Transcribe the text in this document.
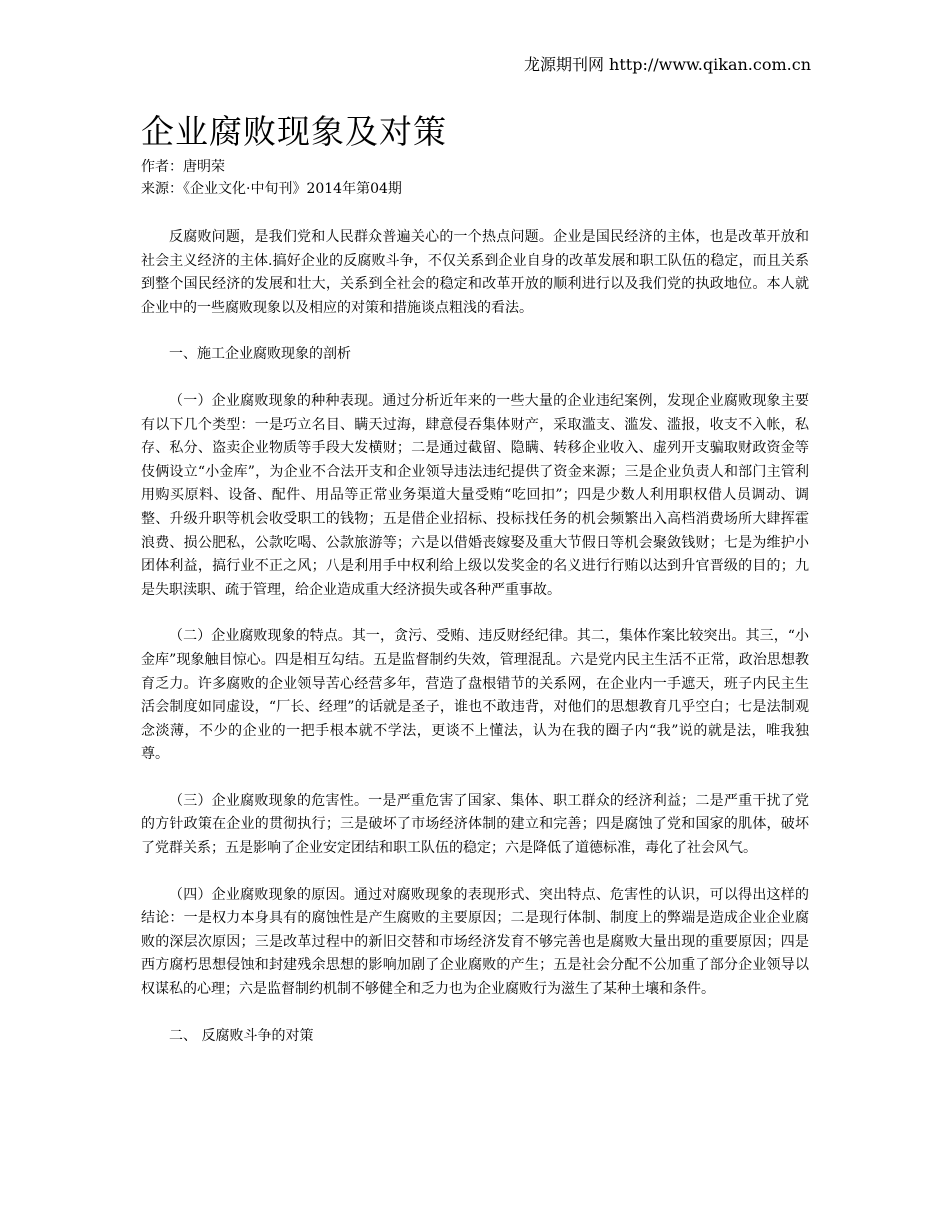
龙源期刊网 http://www.qikan.com.cn
企业腐败现象及对策
作者：唐明荣
来源：《企业文化·中旬刊》2014年第04期

反腐败问题，是我们党和人民群众普遍关心的一个热点问题。企业是国民经济的主体，也是改革开放和社会主义经济的主体.搞好企业的反腐败斗争，不仅关系到企业自身的改革发展和职工队伍的稳定，而且关系到整个国民经济的发展和壮大，关系到全社会的稳定和改革开放的顺利进行以及我们党的执政地位。本人就企业中的一些腐败现象以及相应的对策和措施谈点粗浅的看法。

一、施工企业腐败现象的剖析

（一）企业腐败现象的种种表现。通过分析近年来的一些大量的企业违纪案例，发现企业腐败现象主要有以下几个类型：一是巧立名目、瞒天过海，肆意侵吞集体财产，采取滥支、滥发、滥报，收支不入帐，私存、私分、盗卖企业物质等手段大发横财；二是通过截留、隐瞒、转移企业收入、虚列开支骗取财政资金等伎俩设立“小金库”，为企业不合法开支和企业领导违法违纪提供了资金来源；三是企业负责人和部门主管利用购买原料、设备、配件、用品等正常业务渠道大量受贿“吃回扣”；四是少数人利用职权借人员调动、调整、升级升职等机会收受职工的钱物；五是借企业招标、投标找任务的机会频繁出入高档消费场所大肆挥霍浪费、损公肥私，公款吃喝、公款旅游等；六是以借婚丧嫁娶及重大节假日等机会聚敛钱财；七是为维护小团体利益，搞行业不正之风；八是利用手中权利给上级以发奖金的名义进行行贿以达到升官晋级的目的；九是失职渎职、疏于管理，给企业造成重大经济损失或各种严重事故。

（二）企业腐败现象的特点。其一，贪污、受贿、违反财经纪律。其二，集体作案比较突出。其三，“小金库”现象触目惊心。四是相互勾结。五是监督制约失效，管理混乱。六是党内民主生活不正常，政治思想教育乏力。许多腐败的企业领导苦心经营多年，营造了盘根错节的关系网，在企业内一手遮天，班子内民主生活会制度如同虚设，“厂长、经理”的话就是圣子，谁也不敢违背，对他们的思想教育几乎空白；七是法制观念淡薄，不少的企业的一把手根本就不学法，更谈不上懂法，认为在我的圈子内“我”说的就是法，唯我独尊。

（三）企业腐败现象的危害性。一是严重危害了国家、集体、职工群众的经济利益；二是严重干扰了党的方针政策在企业的贯彻执行；三是破坏了市场经济体制的建立和完善；四是腐蚀了党和国家的肌体，破坏了党群关系；五是影响了企业安定团结和职工队伍的稳定；六是降低了道德标准，毒化了社会风气。

（四）企业腐败现象的原因。通过对腐败现象的表现形式、突出特点、危害性的认识，可以得出这样的结论：一是权力本身具有的腐蚀性是产生腐败的主要原因；二是现行体制、制度上的弊端是造成企业企业腐败的深层次原因；三是改革过程中的新旧交替和市场经济发育不够完善也是腐败大量出现的重要原因；四是西方腐朽思想侵蚀和封建残余思想的影响加剧了企业腐败的产生；五是社会分配不公加重了部分企业领导以权谋私的心理；六是监督制约机制不够健全和乏力也为企业腐败行为滋生了某种土壤和条件。

二、 反腐败斗争的对策
